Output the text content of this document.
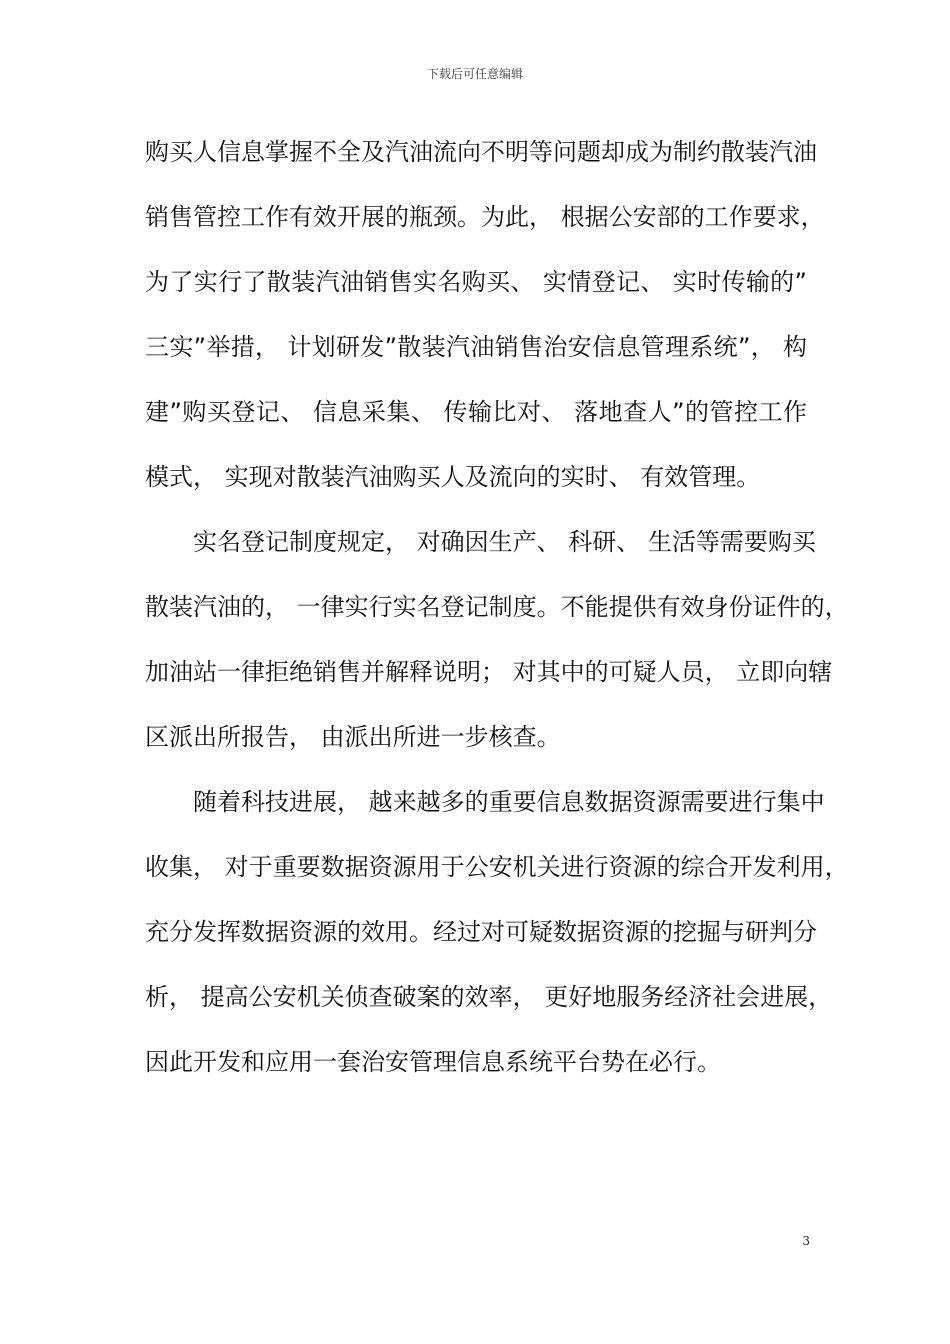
下载后可任意编辑
购买人信息掌握不全及汽油流向不明等问题却成为制约散装汽油
销售管控工作有效开展的瓶颈。为此， 根据公安部的工作要求，
为了实行了散装汽油销售实名购买、 实情登记、 实时传输的”
三实”举措， 计划研发”散装汽油销售治安信息管理系统”， 构
建”购买登记、 信息采集、 传输比对、 落地查人”的管控工作
模式， 实现对散装汽油购买人及流向的实时、 有效管理。
实名登记制度规定， 对确因生产、 科研、 生活等需要购买
散装汽油的， 一律实行实名登记制度。不能提供有效身份证件的，
加油站一律拒绝销售并解释说明； 对其中的可疑人员， 立即向辖
区派出所报告， 由派出所进一步核查。
随着科技进展， 越来越多的重要信息数据资源需要进行集中
收集， 对于重要数据资源用于公安机关进行资源的综合开发利用，
充分发挥数据资源的效用。经过对可疑数据资源的挖掘与研判分
析， 提高公安机关侦查破案的效率， 更好地服务经济社会进展，
因此开发和应用一套治安管理信息系统平台势在必行。
3
